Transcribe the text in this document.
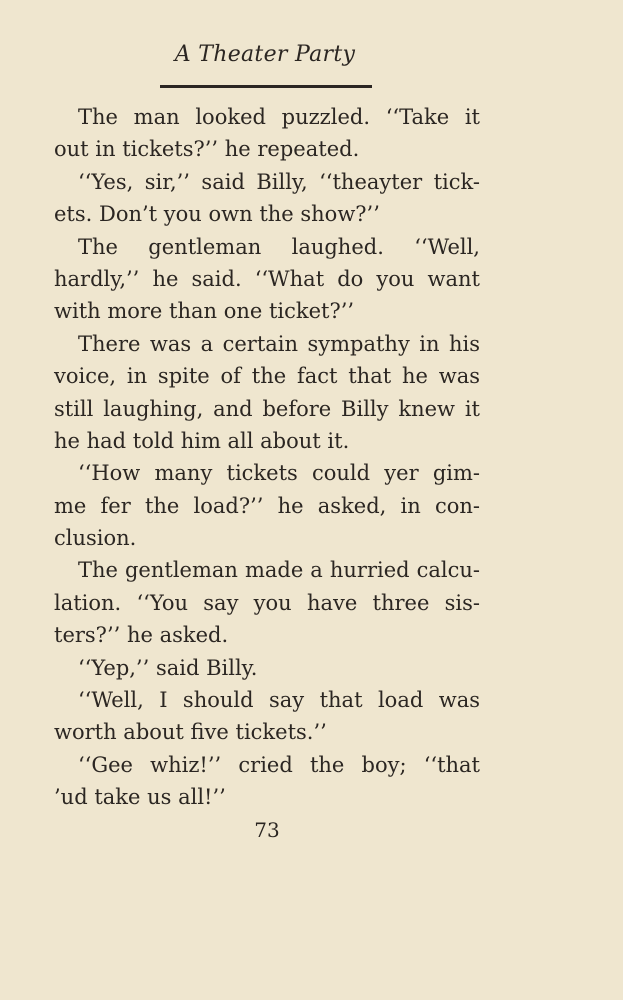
A Theater Party
The man looked puzzled. ‘‘Take it
out in tickets?’’ he repeated.
‘‘Yes, sir,’’ said Billy, ‘‘theayter tick-
ets. Don’t you own the show?’’
The gentleman laughed. ‘‘Well,
hardly,’’ he said. ‘‘What do you want
with more than one ticket?’’
There was a certain sympathy in his
voice, in spite of the fact that he was
still laughing, and before Billy knew it
he had told him all about it.
‘‘How many tickets could yer gim-
me fer the load?’’ he asked, in con-
clusion.
The gentleman made a hurried calcu-
lation. ‘‘You say you have three sis-
ters?’’ he asked.
‘‘Yep,’’ said Billy.
‘‘Well, I should say that load was
worth about five tickets.’’
‘‘Gee whiz!’’ cried the boy; ‘‘that
’ud take us all!’’
73
